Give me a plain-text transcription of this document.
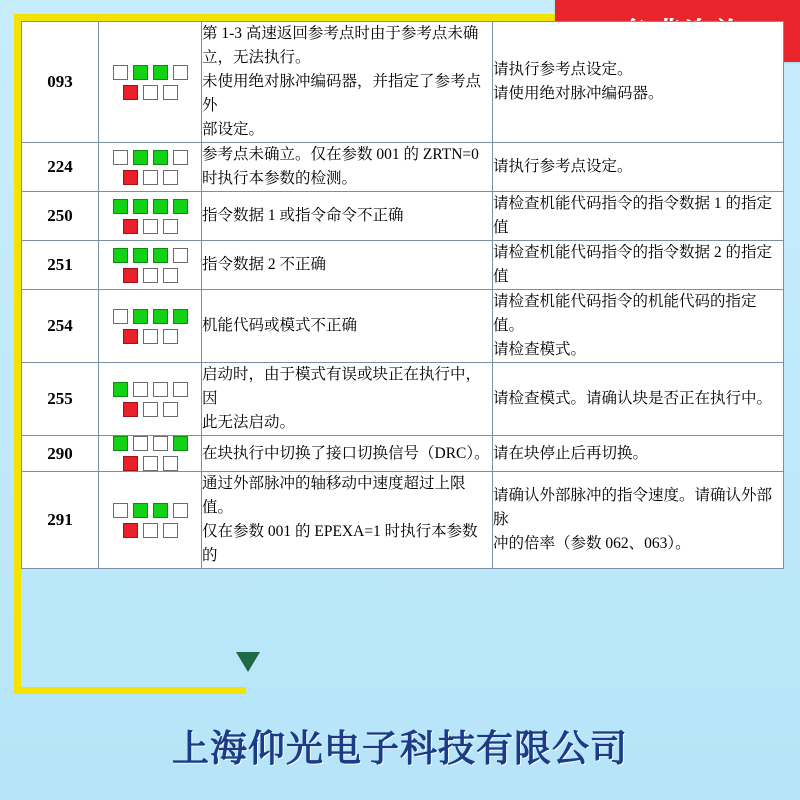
093		第 1-3 高速返回参考点时由于参考点未确
立，无法执行。
未使用绝对脉冲编码器，并指定了参考点外
部设定。	请执行参考点设定。
请使用绝对脉冲编码器。

224		参考点未确立。仅在参数 001 的 ZRTN=0
时执行本参数的检测。	请执行参考点设定。

250		指令数据 1 或指令命令不正确	请检查机能代码指令的指令数据 1 的指定值

251		指令数据 2 不正确	请检查机能代码指令的指令数据 2 的指定值

254		机能代码或模式不正确	请检查机能代码指令的机能代码的指定值。
请检查模式。

255		启动时，由于模式有误或块正在执行中，因
此无法启动。	请检查模式。请确认块是否正在执行中。

290		在块执行中切换了接口切换信号（DRC）。	请在块停止后再切换。

291		通过外部脉冲的轴移动中速度超过上限值。
仅在参数 001 的 EPEXA=1 时执行本参数的	请确认外部脉冲的指令速度。请确认外部脉
冲的倍率（参数 062、063）。
上海仰光电子科技有限公司
